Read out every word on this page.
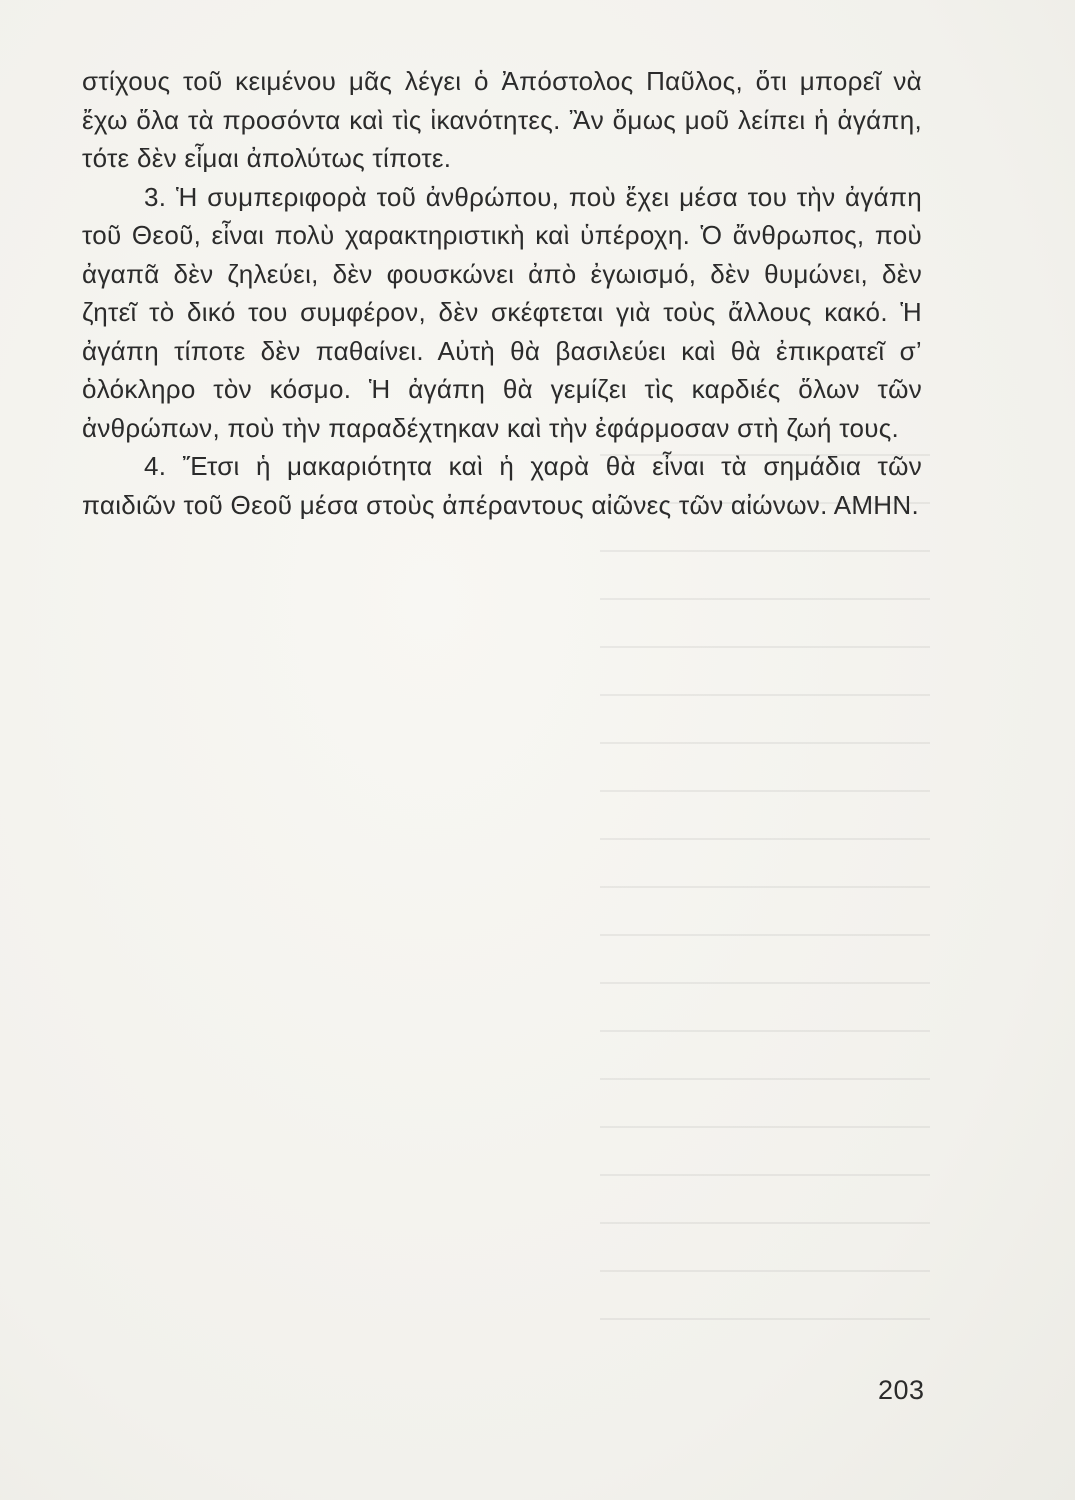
στίχους τοῦ κειμένου μᾶς λέγει ὁ Ἀπόστολος Παῦλος, ὅτι μπορεῖ νὰ ἔχω ὅλα τὰ προσόντα καὶ τὶς ἱκανότητες. Ἂν ὅμως μοῦ λείπει ἡ ἀγάπη, τότε δὲν εἶμαι ἀπολύτως τίποτε.

3. Ἡ συμπεριφορὰ τοῦ ἀνθρώπου, ποὺ ἔχει μέσα του τὴν ἀγάπη τοῦ Θεοῦ, εἶναι πολὺ χαρακτηριστικὴ καὶ ὑπέροχη. Ὁ ἄνθρωπος, ποὺ ἀγαπᾶ δὲν ζηλεύει, δὲν φουσκώνει ἀπὸ ἐγωισμό, δὲν θυμώνει, δὲν ζητεῖ τὸ δικό του συμφέρον, δὲν σκέφτεται γιὰ τοὺς ἄλλους κακό. Ἡ ἀγάπη τίποτε δὲν παθαίνει. Αὐτὴ θὰ βασιλεύει καὶ θὰ ἐπικρατεῖ σ’ ὁλόκληρο τὸν κόσμο. Ἡ ἀγάπη θὰ γεμίζει τὶς καρδιές ὅλων τῶν ἀνθρώπων, ποὺ τὴν παραδέχτηκαν καὶ τὴν ἐφάρμοσαν στὴ ζωή τους.

4. Ἔτσι ἡ μακαριότητα καὶ ἡ χαρὰ θὰ εἶναι τὰ σημάδια τῶν παιδιῶν τοῦ Θεοῦ μέσα στοὺς ἀπέραντους αἰῶνες τῶν αἰώνων. ΑΜΗΝ.

203
